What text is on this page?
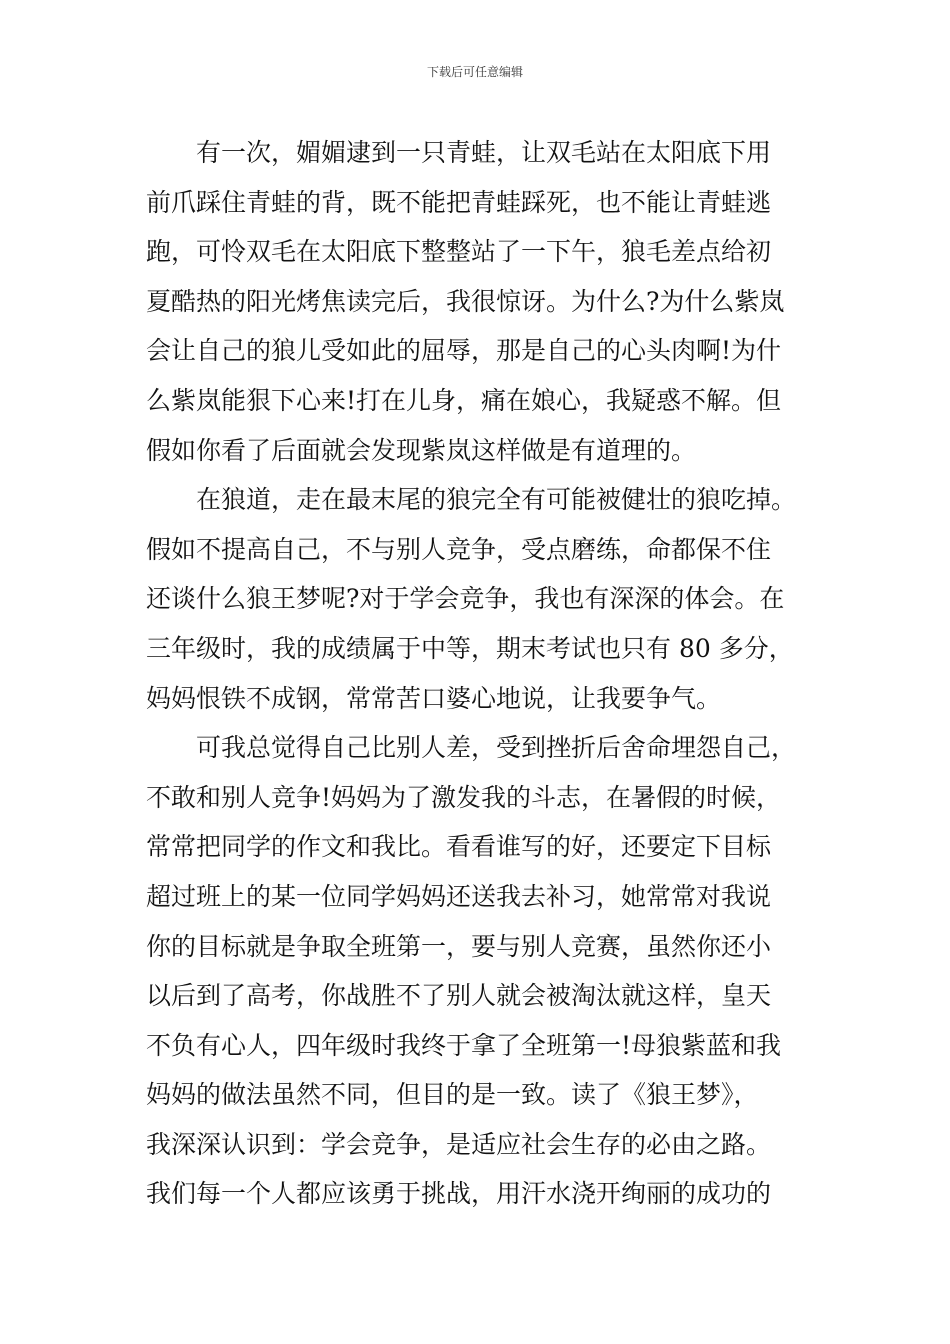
下载后可任意编辑
有一次，媚媚逮到一只青蛙，让双毛站在太阳底下用
前爪踩住青蛙的背，既不能把青蛙踩死，也不能让青蛙逃
跑，可怜双毛在太阳底下整整站了一下午，狼毛差点给初
夏酷热的阳光烤焦读完后，我很惊讶。为什么?为什么紫岚
会让自己的狼儿受如此的屈辱，那是自己的心头肉啊!为什
么紫岚能狠下心来!打在儿身，痛在娘心，我疑惑不解。但
假如你看了后面就会发现紫岚这样做是有道理的。
在狼道，走在最末尾的狼完全有可能被健壮的狼吃掉。
假如不提高自己，不与别人竞争，受点磨练，命都保不住
还谈什么狼王梦呢?对于学会竞争，我也有深深的体会。在
三年级时，我的成绩属于中等，期末考试也只有 80 多分，
妈妈恨铁不成钢，常常苦口婆心地说，让我要争气。
可我总觉得自己比别人差，受到挫折后舍命埋怨自己，
不敢和别人竞争!妈妈为了激发我的斗志，在暑假的时候，
常常把同学的作文和我比。看看谁写的好，还要定下目标
超过班上的某一位同学妈妈还送我去补习，她常常对我说
你的目标就是争取全班第一，要与别人竞赛，虽然你还小
以后到了高考，你战胜不了别人就会被淘汰就这样，皇天
不负有心人，四年级时我终于拿了全班第一!母狼紫蓝和我
妈妈的做法虽然不同，但目的是一致。读了《狼王梦》，
我深深认识到：学会竞争，是适应社会生存的必由之路。
我们每一个人都应该勇于挑战，用汗水浇开绚丽的成功的
